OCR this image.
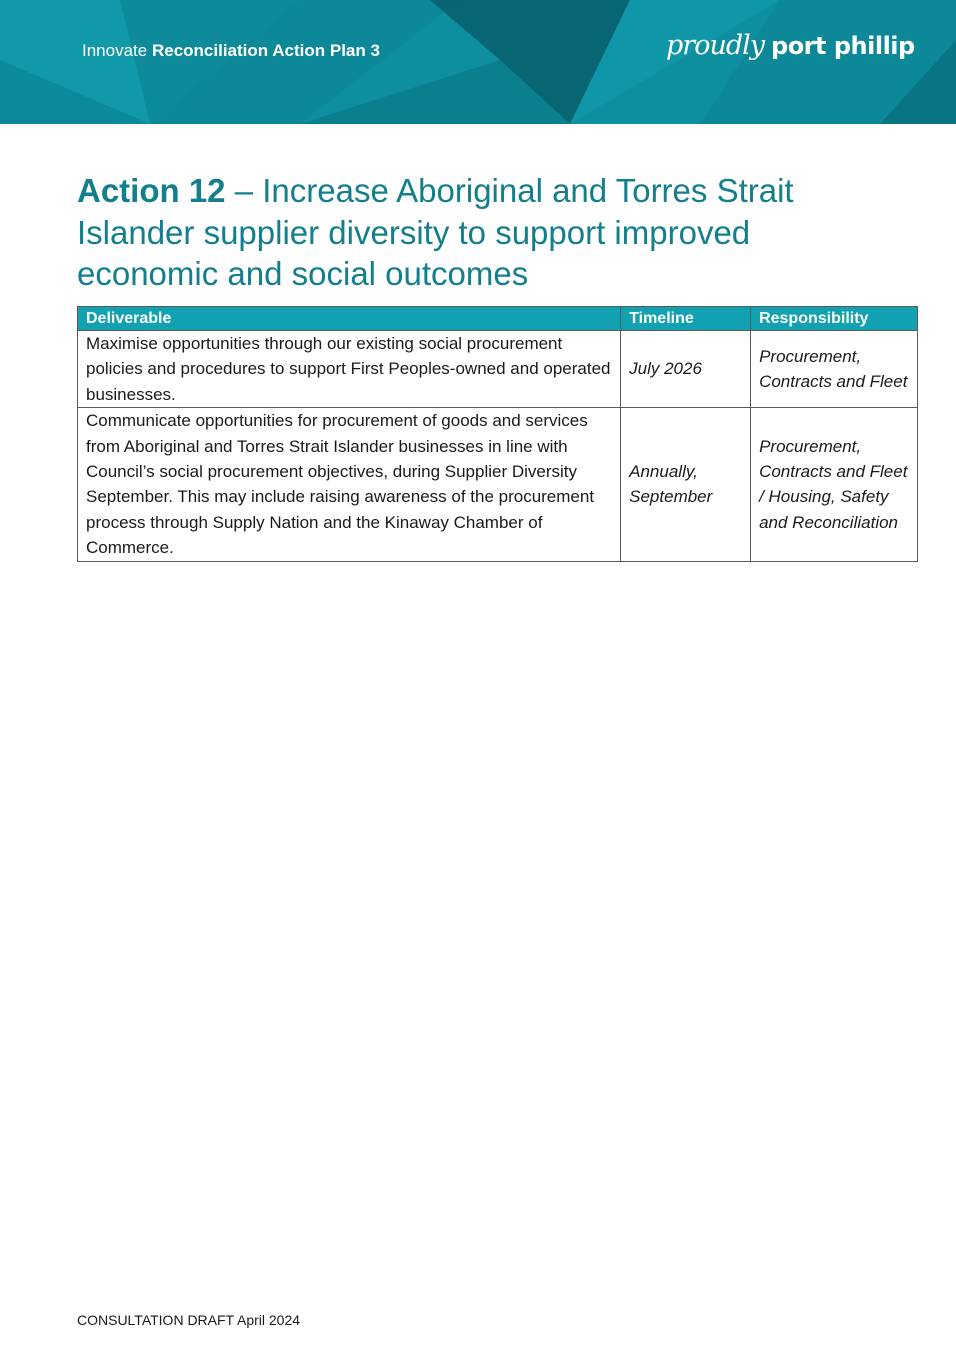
Innovate Reconciliation Action Plan 3	proudly port phillip
Action 12 – Increase Aboriginal and Torres Strait Islander supplier diversity to support improved economic and social outcomes
Deliverable	Timeline	Responsibility
Maximise opportunities through our existing social procurement policies and procedures to support First Peoples-owned and operated businesses.	July 2026	Procurement, Contracts and Fleet
Communicate opportunities for procurement of goods and services from Aboriginal and Torres Strait Islander businesses in line with Council’s social procurement objectives, during Supplier Diversity September. This may include raising awareness of the procurement process through Supply Nation and the Kinaway Chamber of Commerce.	Annually, September	Procurement, Contracts and Fleet / Housing, Safety and Reconciliation
CONSULTATION DRAFT April 2024
